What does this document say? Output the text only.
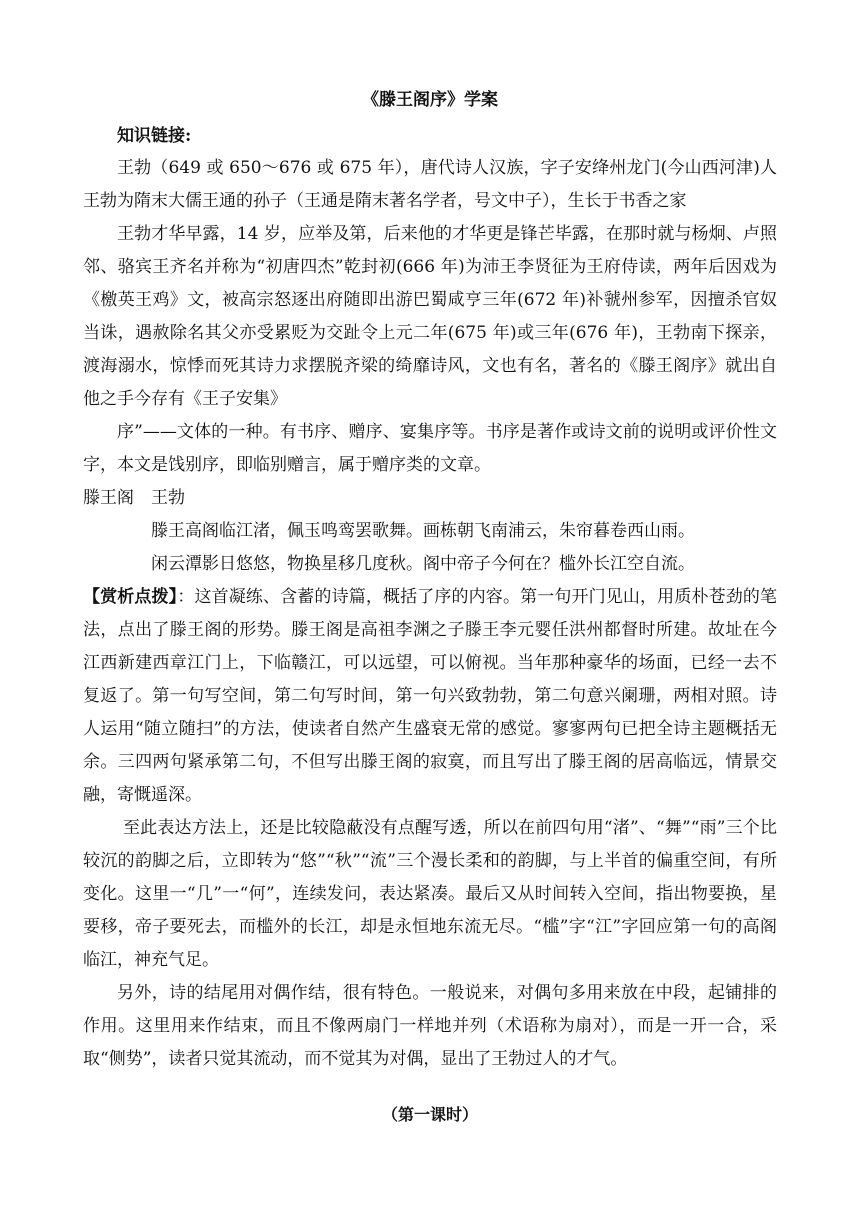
《滕王阁序》学案
知识链接:

王勃（649 或 650～676 或 675 年），唐代诗人汉族，字子安绛州龙门(今山西河津)人王勃为隋末大儒王通的孙子（王通是隋末著名学者，号文中子），生长于书香之家

王勃才华早露，14 岁，应举及第，后来他的才华更是锋芒毕露，在那时就与杨炯、卢照邻、骆宾王齐名并称为“初唐四杰”乾封初(666 年)为沛王李贤征为王府侍读，两年后因戏为《檄英王鸡》文，被高宗怒逐出府随即出游巴蜀咸亨三年(672 年)补虢州参军，因擅杀官奴当诛，遇赦除名其父亦受累贬为交趾令上元二年(675 年)或三年(676 年)，王勃南下探亲，渡海溺水，惊悸而死其诗力求摆脱齐梁的绮靡诗风，文也有名，著名的《滕王阁序》就出自他之手今存有《王子安集》

序”——文体的一种。有书序、赠序、宴集序等。书序是著作或诗文前的说明或评价性文字，本文是饯别序，即临别赠言，属于赠序类的文章。

滕王阁　王勃

滕王高阁临江渚，佩玉鸣鸾罢歌舞。画栋朝飞南浦云，朱帘暮卷西山雨。

闲云潭影日悠悠，物换星移几度秋。阁中帝子今何在？槛外长江空自流。

【赏析点拨】：这首凝练、含蓄的诗篇，概括了序的内容。第一句开门见山，用质朴苍劲的笔法，点出了滕王阁的形势。滕王阁是高祖李渊之子滕王李元婴任洪州都督时所建。故址在今江西新建西章江门上，下临赣江，可以远望，可以俯视。当年那种豪华的场面，已经一去不复返了。第一句写空间，第二句写时间，第一句兴致勃勃，第二句意兴阑珊，两相对照。诗人运用“随立随扫”的方法，使读者自然产生盛衰无常的感觉。寥寥两句已把全诗主题概括无余。三四两句紧承第二句，不但写出滕王阁的寂寞，而且写出了滕王阁的居高临远，情景交融，寄慨遥深。

至此表达方法上，还是比较隐蔽没有点醒写透，所以在前四句用“渚”、“舞”“雨”三个比较沉的韵脚之后，立即转为“悠”“秋”“流”三个漫长柔和的韵脚，与上半首的偏重空间，有所变化。这里一“几”一“何”，连续发问，表达紧凑。最后又从时间转入空间，指出物要换，星要移，帝子要死去，而槛外的长江，却是永恒地东流无尽。“槛”字“江”字回应第一句的高阁临江，神充气足。

另外，诗的结尾用对偶作结，很有特色。一般说来，对偶句多用来放在中段，起铺排的作用。这里用来作结束，而且不像两扇门一样地并列（术语称为扇对），而是一开一合，采取“侧势”，读者只觉其流动，而不觉其为对偶，显出了王勃过人的才气。

（第一课时）
